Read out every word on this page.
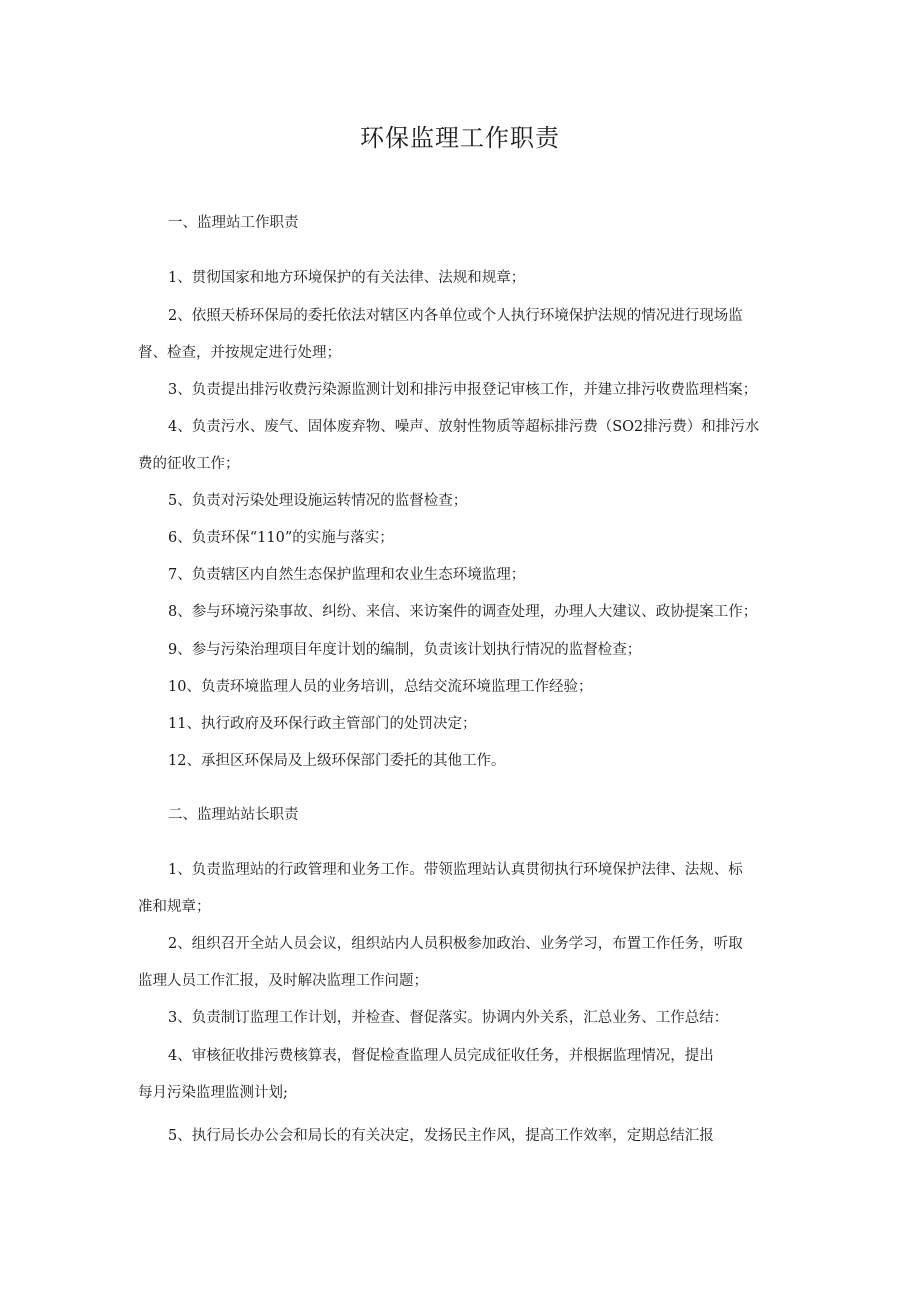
环保监理工作职责

一、监理站工作职责

1、贯彻国家和地方环境保护的有关法律、法规和规章；

2、依照天桥环保局的委托依法对辖区内各单位或个人执行环境保护法规的情况进行现场监

督、检查，并按规定进行处理；

3、负责提出排污收费污染源监测计划和排污申报登记审核工作，并建立排污收费监理档案；

4、负责污水、废气、固体废弃物、噪声、放射性物质等超标排污费（SO2排污费）和排污水

费的征收工作；

5、负责对污染处理设施运转情况的监督检查；

6、负责环保“110”的实施与落实；

7、负责辖区内自然生态保护监理和农业生态环境监理；

8、参与环境污染事故、纠纷、来信、来访案件的调查处理，办理人大建议、政协提案工作；

9、参与污染治理项目年度计划的编制，负责该计划执行情况的监督检查；

10、负责环境监理人员的业务培训，总结交流环境监理工作经验；

11、执行政府及环保行政主管部门的处罚决定；

12、承担区环保局及上级环保部门委托的其他工作。

二、监理站站长职责

1、负责监理站的行政管理和业务工作。带领监理站认真贯彻执行环境保护法律、法规、标

准和规章；

2、组织召开全站人员会议，组织站内人员积极参加政治、业务学习，布置工作任务，听取

监理人员工作汇报，及时解决监理工作问题；

3、负责制订监理工作计划，并检查、督促落实。协调内外关系，汇总业务、工作总结：

4、审核征收排污费核算表，督促检查监理人员完成征收任务，并根据监理情况，提出

每月污染监理监测计划;

5、执行局长办公会和局长的有关决定，发扬民主作风，提高工作效率，定期总结汇报
